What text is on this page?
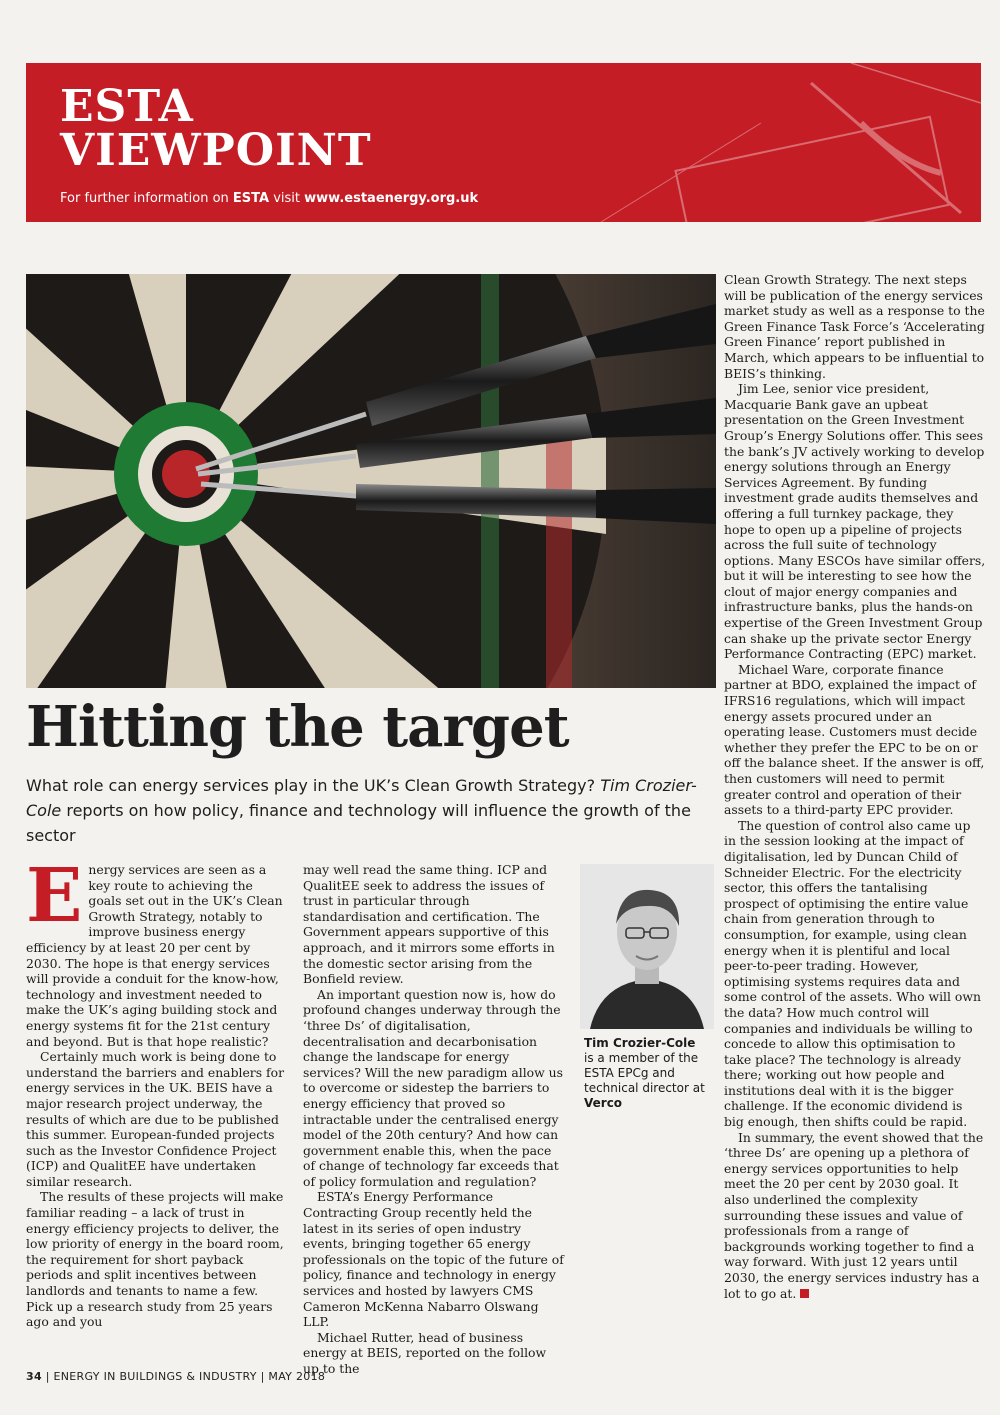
ESTA
VIEWPOINT
For further information on ESTA visit www.estaenergy.org.uk
Hitting the target
What role can energy services play in the UK’s Clean Growth Strategy? Tim Crozier-Cole reports on how policy, finance and technology will influence the growth of the sector

Energy services are seen as a key route to achieving the goals set out in the UK’s Clean Growth Strategy, notably to improve business energy efficiency by at least 20 per cent by 2030. The hope is that energy services will provide a conduit for the know-how, technology and investment needed to make the UK’s aging building stock and energy systems fit for the 21st century and beyond. But is that hope realistic?

Certainly much work is being done to understand the barriers and enablers for energy services in the UK. BEIS have a major research project underway, the results of which are due to be published this summer. European-funded projects such as the Investor Confidence Project (ICP) and QualitEE have undertaken similar research.

The results of these projects will make familiar reading – a lack of trust in energy efficiency projects to deliver, the low priority of energy in the board room, the requirement for short payback periods and split incentives between landlords and tenants to name a few. Pick up a research study from 25 years ago and you

may well read the same thing. ICP and QualitEE seek to address the issues of trust in particular through standardisation and certification. The Government appears supportive of this approach, and it mirrors some efforts in the domestic sector arising from the Bonfield review.

An important question now is, how do profound changes underway through the ‘three Ds’ of digitalisation, decentralisation and decarbonisation change the landscape for energy services? Will the new paradigm allow us to overcome or sidestep the barriers to energy efficiency that proved so intractable under the centralised energy model of the 20th century? And how can government enable this, when the pace of change of technology far exceeds that of policy formulation and regulation?

ESTA’s Energy Performance Contracting Group recently held the latest in its series of open industry events, bringing together 65 energy professionals on the topic of the future of policy, finance and technology in energy services and hosted by lawyers CMS Cameron McKenna Nabarro Olswang LLP.

Michael Rutter, head of business energy at BEIS, reported on the follow up to the

Tim Crozier-Cole
is a member of the ESTA EPCg and technical director at Verco

Clean Growth Strategy. The next steps will be publication of the energy services market study as well as a response to the Green Finance Task Force’s ‘Accelerating Green Finance’ report published in March, which appears to be influential to BEIS’s thinking.

Jim Lee, senior vice president, Macquarie Bank gave an upbeat presentation on the Green Investment Group’s Energy Solutions offer. This sees the bank’s JV actively working to develop energy solutions through an Energy Services Agreement. By funding investment grade audits themselves and offering a full turnkey package, they hope to open up a pipeline of projects across the full suite of technology options. Many ESCOs have similar offers, but it will be interesting to see how the clout of major energy companies and infrastructure banks, plus the hands-on expertise of the Green Investment Group can shake up the private sector Energy Performance Contracting (EPC) market.

Michael Ware, corporate finance partner at BDO, explained the impact of IFRS16 regulations, which will impact energy assets procured under an operating lease. Customers must decide whether they prefer the EPC to be on or off the balance sheet. If the answer is off, then customers will need to permit greater control and operation of their assets to a third-party EPC provider.

The question of control also came up in the session looking at the impact of digitalisation, led by Duncan Child of Schneider Electric. For the electricity sector, this offers the tantalising prospect of optimising the entire value chain from generation through to consumption, for example, using clean energy when it is plentiful and local peer-to-peer trading. However, optimising systems requires data and some control of the assets. Who will own the data? How much control will companies and individuals be willing to concede to allow this optimisation to take place? The technology is already there; working out how people and institutions deal with it is the bigger challenge. If the economic dividend is big enough, then shifts could be rapid.

In summary, the event showed that the ‘three Ds’ are opening up a plethora of energy services opportunities to help meet the 20 per cent by 2030 goal. It also underlined the complexity surrounding these issues and value of professionals from a range of backgrounds working together to find a way forward. With just 12 years until 2030, the energy services industry has a lot to go at.

34 | ENERGY IN BUILDINGS & INDUSTRY | MAY 2018
